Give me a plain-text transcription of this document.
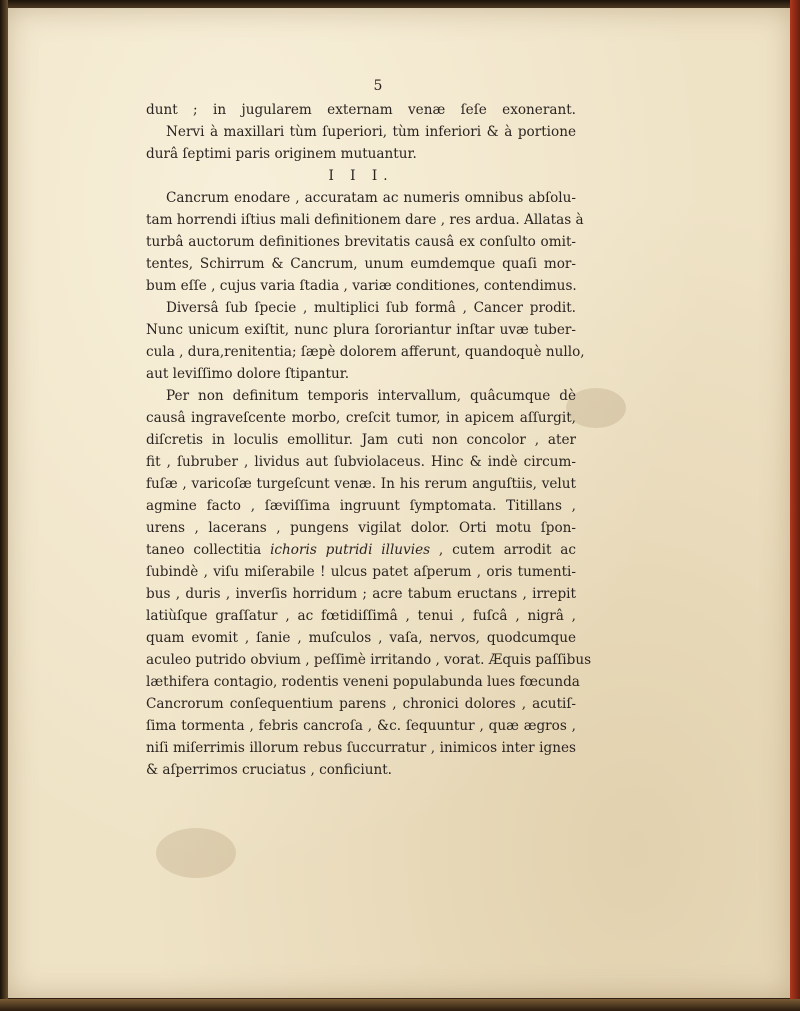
5
dunt ; in jugularem externam venæ ſeſe exonerant.
Nervi à maxillari tùm ſuperiori, tùm inferiori & à portione
durâ ſeptimi paris originem mutuantur.
I I I.
Cancrum enodare , accuratam ac numeris omnibus abſolu-
tam horrendi iſtius mali definitionem dare , res ardua. Allatas à
turbâ auctorum definitiones brevitatis causâ ex conſulto omit-
tentes, Schirrum & Cancrum, unum eumdemque quaſi mor-
bum eſſe , cujus varia ſtadia , variæ conditiones, contendimus.
Diversâ ſub ſpecie , multiplici ſub formâ , Cancer prodit.
Nunc unicum exiſtit, nunc plura ſororiantur inſtar uvæ tuber-
cula , dura,renitentia; ſæpè dolorem afferunt, quandoquè nullo,
aut leviſſimo dolore ſtipantur.
Per non definitum temporis intervallum, quâcumque dè
causâ ingraveſcente morbo, creſcit tumor, in apicem aſſurgit,
diſcretis in loculis emollitur. Jam cuti non concolor , ater
fit , ſubruber , lividus aut ſubviolaceus. Hinc & indè circum-
fuſæ , varicoſæ turgeſcunt venæ. In his rerum anguſtiis, velut
agmine facto , ſæviſſima ingruunt ſymptomata. Titillans ,
urens , lacerans , pungens vigilat dolor. Orti motu ſpon-
taneo collectitia ichoris putridi illuvies , cutem arrodit ac
ſubindè , viſu miſerabile ! ulcus patet aſperum , oris tumenti-
bus , duris , inverſis horridum ; acre tabum eructans , irrepit
latiùſque graſſatur , ac fœtidiſſimâ , tenui , fuſcâ , nigrâ ,
quam evomit , ſanie , muſculos , vaſa, nervos, quodcumque
aculeo putrido obvium , peſſimè irritando , vorat. Æquis paſſibus
læthifera contagio, rodentis veneni populabunda lues fœcunda
Cancrorum conſequentium parens , chronici dolores , acutiſ-
ſima tormenta , febris cancroſa , &c. ſequuntur , quæ ægros ,
niſi miſerrimis illorum rebus ſuccurratur , inimicos inter ignes
& aſperrimos cruciatus , conficiunt.
